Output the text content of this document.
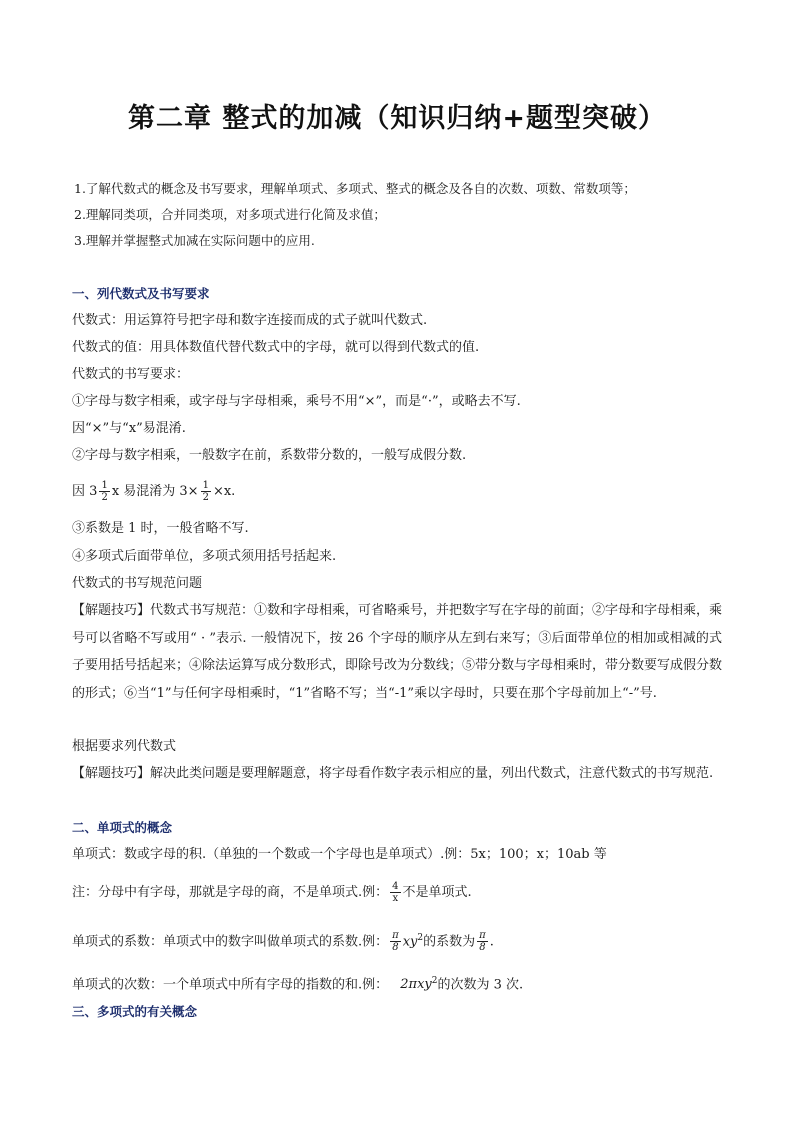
第二章 整式的加减（知识归纳+题型突破）
1.了解代数式的概念及书写要求，理解单项式、多项式、整式的概念及各自的次数、项数、常数项等；
2.理解同类项，合并同类项，对多项式进行化简及求值；
3.理解并掌握整式加减在实际问题中的应用.
一、列代数式及书写要求
代数式：用运算符号把字母和数字连接而成的式子就叫代数式.
代数式的值：用具体数值代替代数式中的字母，就可以得到代数式的值.
代数式的书写要求：
①字母与数字相乘，或字母与字母相乘，乘号不用“×”，而是“·”，或略去不写.
因“×”与“x”易混淆.
②字母与数字相乘，一般数字在前，系数带分数的，一般写成假分数.
因 $3 \frac{1}{2}$ x 易混淆为 $3\times \frac{1}{2} \times x$.
③系数是 1 时，一般省略不写.
④多项式后面带单位，多项式须用括号括起来.
代数式的书写规范问题
【解题技巧】代数式书写规范：①数和字母相乘，可省略乘号，并把数字写在字母的前面；②字母和字母相乘，乘号可以省略不写或用“ · ”表示. 一般情况下，按 26 个字母的顺序从左到右来写；③后面带单位的相加或相减的式子要用括号括起来；④除法运算写成分数形式，即除号改为分数线；⑤带分数与字母相乘时，带分数要写成假分数的形式；⑥当“1”与任何字母相乘时，“1”省略不写；当“-1”乘以字母时，只要在那个字母前加上“-”号.
根据要求列代数式
【解题技巧】解决此类问题是要理解题意，将字母看作数字表示相应的量，列出代数式，注意代数式的书写规范.
二、单项式的概念
单项式：数或字母的积.（单独的一个数或一个字母也是单项式）.例：5x；100；x；10ab 等
注：分母中有字母，那就是字母的商，不是单项式.例： $\frac{4}{x}$ 不是单项式.
单项式的系数：单项式中的数字叫做单项式的系数.例： $\frac{\pi}{8} xy^2$的系数为 $\frac{\pi}{8}$ .
单项式的次数：一个单项式中所有字母的指数的和.例： 2πxy$^2$的次数为 3 次.
三、多项式的有关概念
